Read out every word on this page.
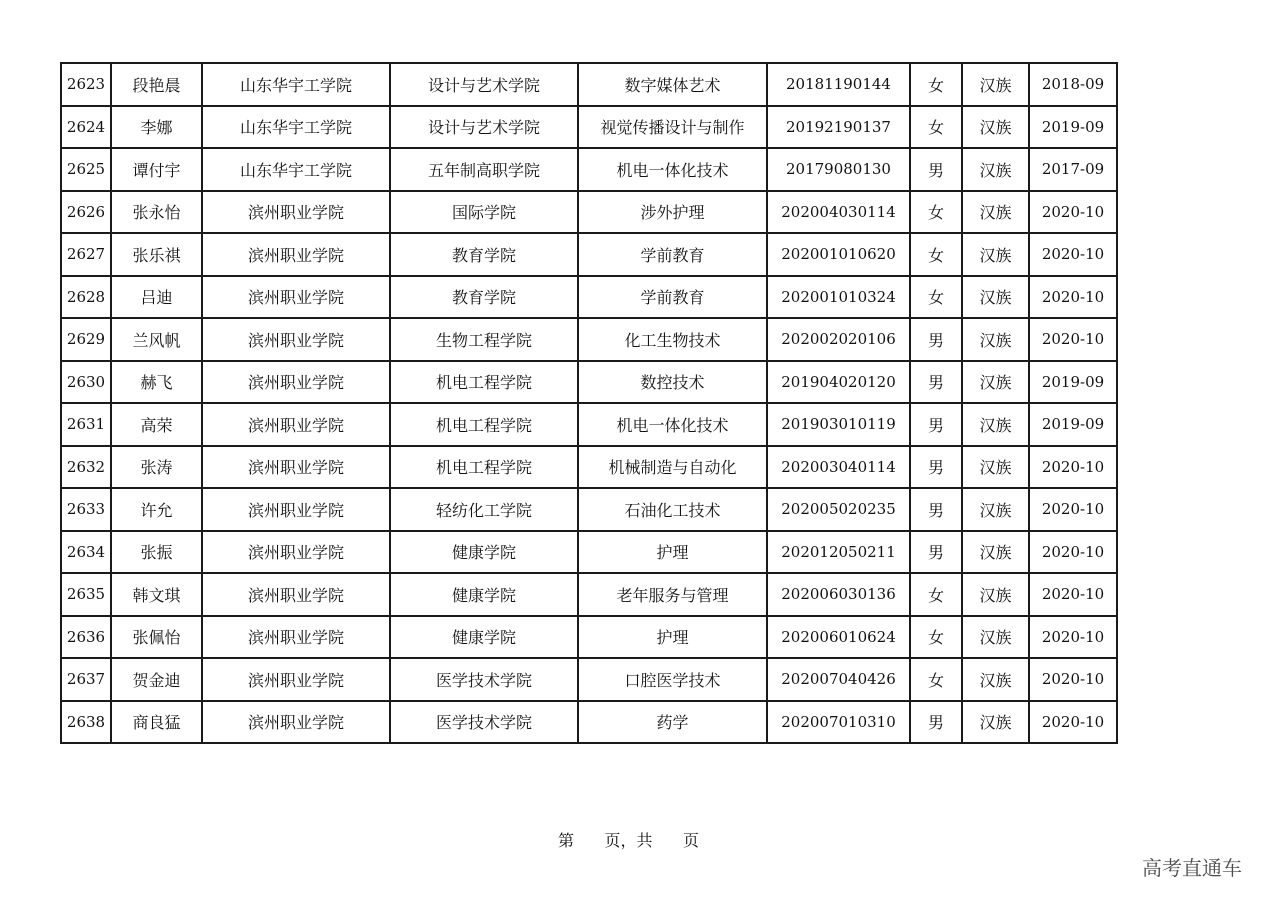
2623	段艳晨	山东华宇工学院	设计与艺术学院	数字媒体艺术	20181190144	女	汉族	2018-09
2624	李娜	山东华宇工学院	设计与艺术学院	视觉传播设计与制作	20192190137	女	汉族	2019-09
2625	谭付宇	山东华宇工学院	五年制高职学院	机电一体化技术	20179080130	男	汉族	2017-09
2626	张永怡	滨州职业学院	国际学院	涉外护理	202004030114	女	汉族	2020-10
2627	张乐祺	滨州职业学院	教育学院	学前教育	202001010620	女	汉族	2020-10
2628	吕迪	滨州职业学院	教育学院	学前教育	202001010324	女	汉族	2020-10
2629	兰风帆	滨州职业学院	生物工程学院	化工生物技术	202002020106	男	汉族	2020-10
2630	赫飞	滨州职业学院	机电工程学院	数控技术	201904020120	男	汉族	2019-09
2631	高荣	滨州职业学院	机电工程学院	机电一体化技术	201903010119	男	汉族	2019-09
2632	张涛	滨州职业学院	机电工程学院	机械制造与自动化	202003040114	男	汉族	2020-10
2633	许允	滨州职业学院	轻纺化工学院	石油化工技术	202005020235	男	汉族	2020-10
2634	张振	滨州职业学院	健康学院	护理	202012050211	男	汉族	2020-10
2635	韩文琪	滨州职业学院	健康学院	老年服务与管理	202006030136	女	汉族	2020-10
2636	张佩怡	滨州职业学院	健康学院	护理	202006010624	女	汉族	2020-10
2637	贺金迪	滨州职业学院	医学技术学院	口腔医学技术	202007040426	女	汉族	2020-10
2638	商良猛	滨州职业学院	医学技术学院	药学	202007010310	男	汉族	2020-10
第      页，共      页
高考直通车
